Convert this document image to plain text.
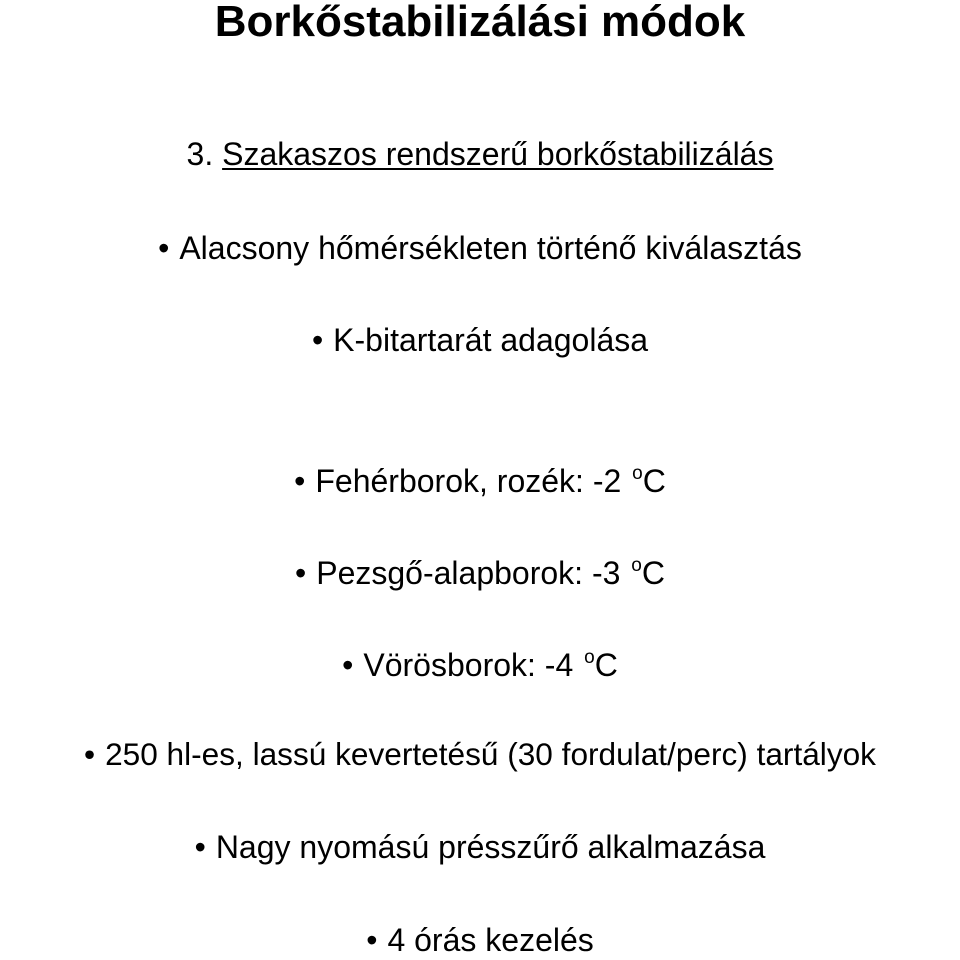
Borkőstabilizálási módok
3. Szakaszos rendszerű borkőstabilizálás
• Alacsony hőmérsékleten történő kiválasztás
• K-bitartarát adagolása
• Fehérborok, rozék: -2 $^o$C
• Pezsgő-alapborok: -3 $^o$C
• Vörösborok: -4 $^o$C
• 250 hl-es, lassú kevertetésű (30 fordulat/perc) tartályok
• Nagy nyomású présszűrő alkalmazása
• 4 órás kezelés
